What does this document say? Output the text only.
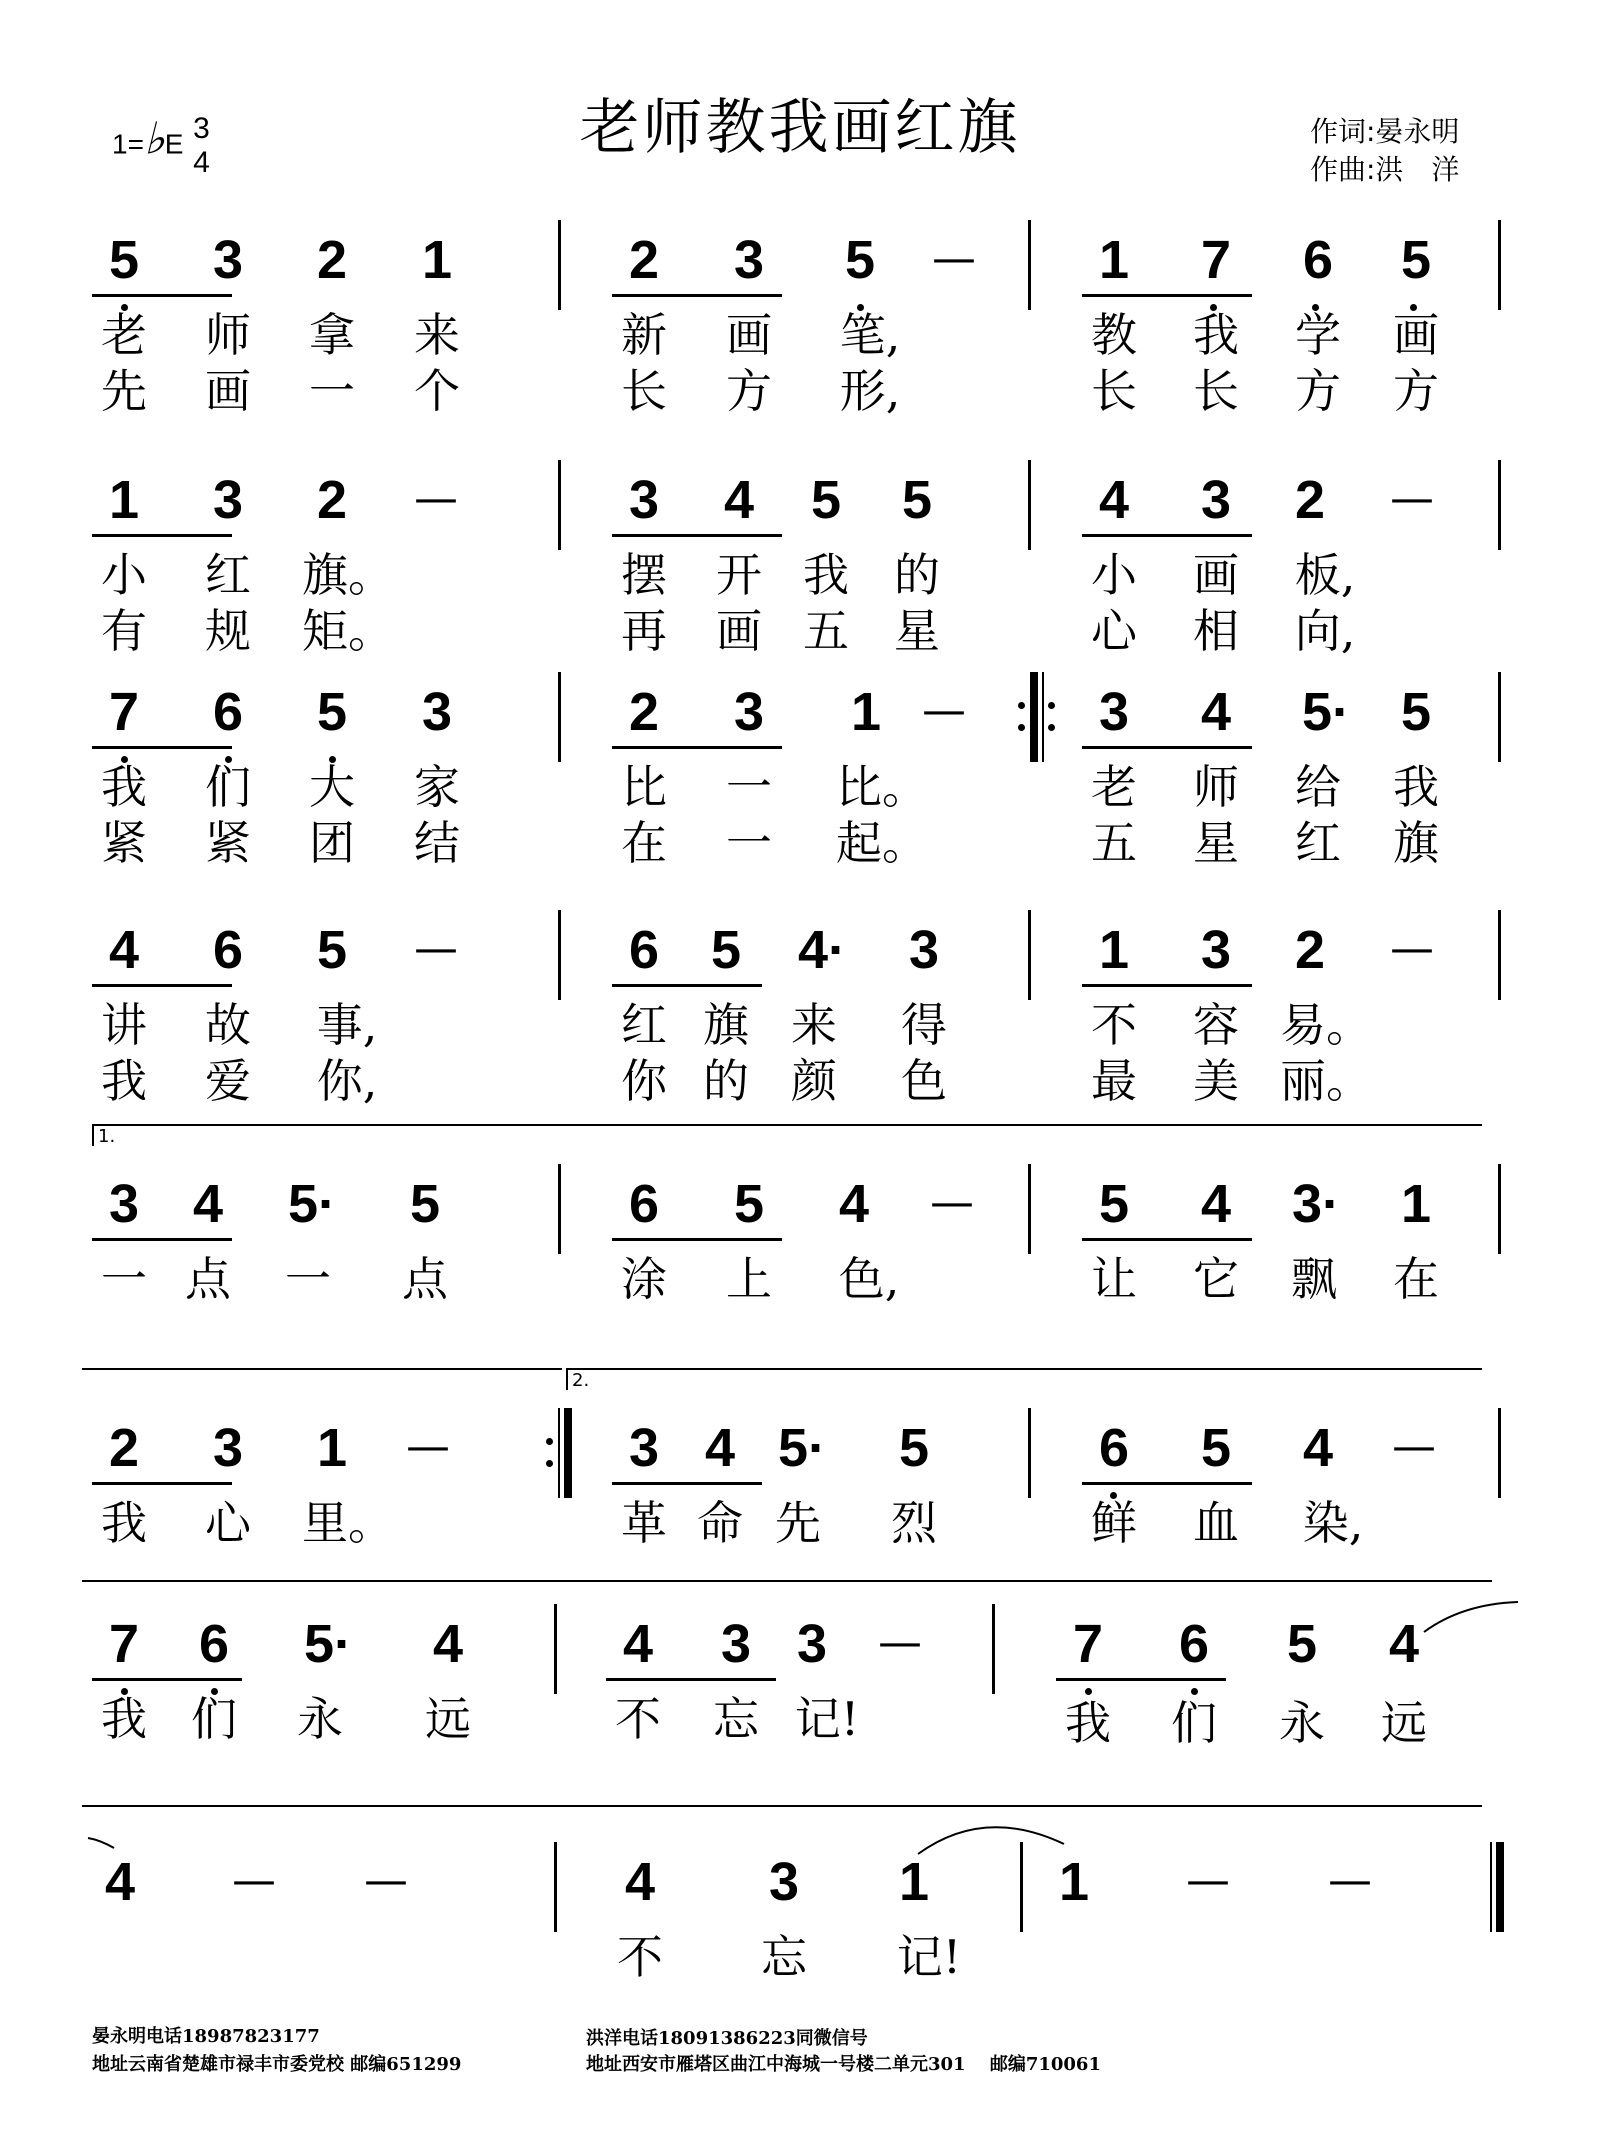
老师教我画红旗
1=♭E 3
4
作词:晏永明
作曲:洪　洋
5	3	2	1	2	3	5	—	1	7	6	5
老 师 拿 来	新 画 笔,	教 我 学 画
先 画 一 个	长 方 形,	长 长 方 方
1	3	2	—	3	4	5	5	4	3	2	—
小 红 旗。	摆 开 我 的	小 画	板,
有 规 矩。	再 画 五 星	心 相	向,
7	6	5	3	2	3	1 —	3	4	5· 5
我 们 大 家	比 一 比。	老 师 给 我
紧 紧 团 结	在 一 起。	五 星 红 旗
4	6	5	—	6 5	4·	3	1	3	2	—
讲 故	事,	红 旗 来 得	不 容 易。
我 爱	你,	你 的 颜 色	最 美 丽。
1.
3 4	5·	5	6	5	4	—	5	4	3·	1
一 点 一 点	涂 上	色,	让 它 飘 在
2.
2	3	1	—	3 4 5·	5	6	5	4	—
我 心 里。	革 命 先 烈	鲜 血	染,
7	6	5·	4	4	3 3	—	7	6	5	4
我 们 永 远	不 忘 记!	我 们 永 远
4	— —	4	3	1	1	— —
不 忘 记!
晏永明电话18987823177
地址云南省楚雄市禄丰市委党校 邮编651299
洪洋电话18091386223同微信号
地址西安市雁塔区曲江中海城一号楼二单元301　 邮编710061
